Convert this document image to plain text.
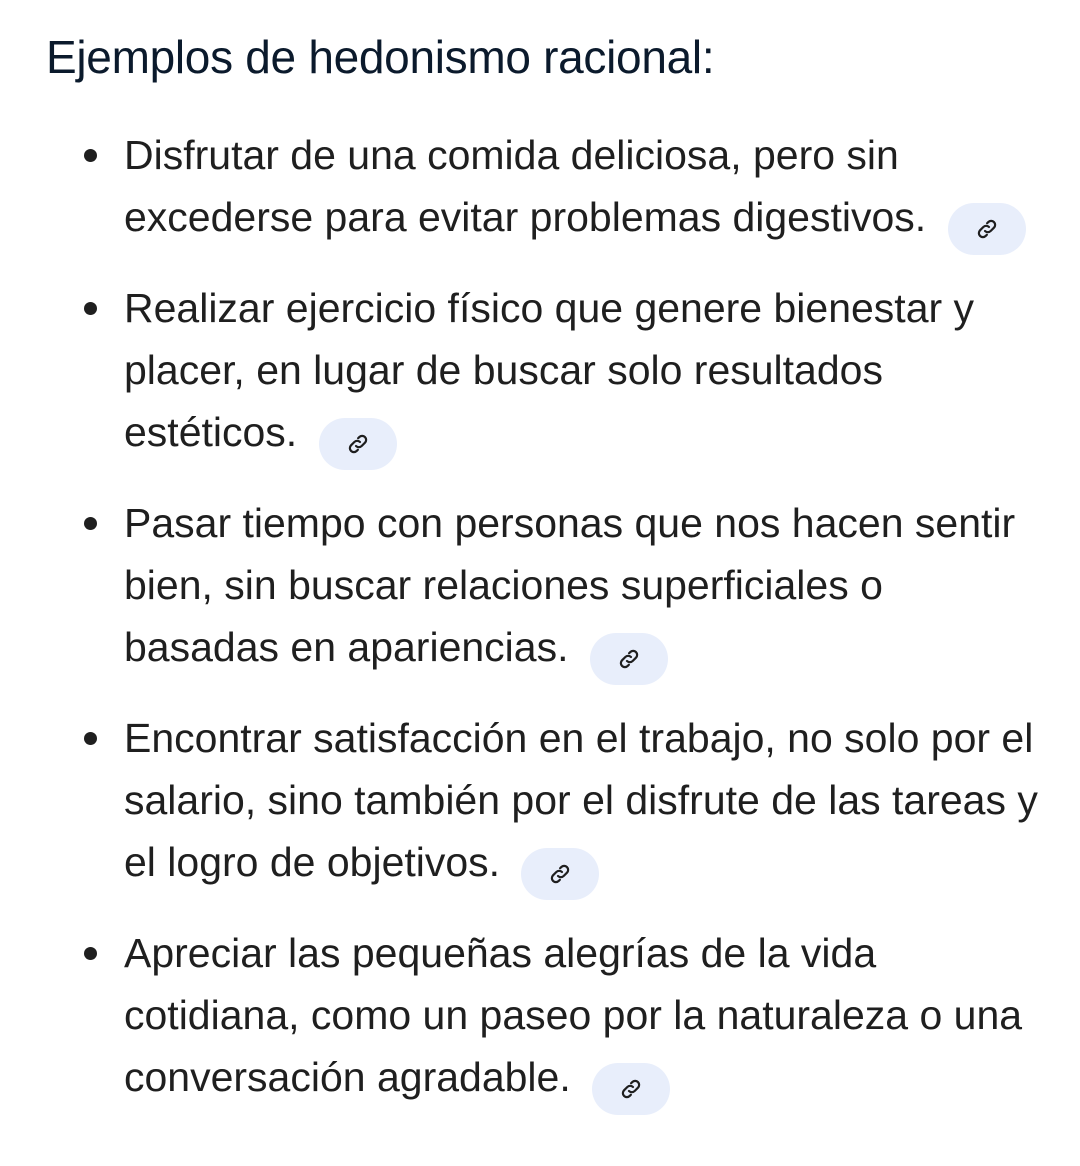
Ejemplos de hedonismo racional:
Disfrutar de una comida deliciosa, pero sin excederse para evitar problemas digestivos.
Realizar ejercicio físico que genere bienestar y placer, en lugar de buscar solo resultados estéticos.
Pasar tiempo con personas que nos hacen sentir bien, sin buscar relaciones superficiales o basadas en apariencias.
Encontrar satisfacción en el trabajo, no solo por el salario, sino también por el disfrute de las tareas y el logro de objetivos.
Apreciar las pequeñas alegrías de la vida cotidiana, como un paseo por la naturaleza o una conversación agradable.
